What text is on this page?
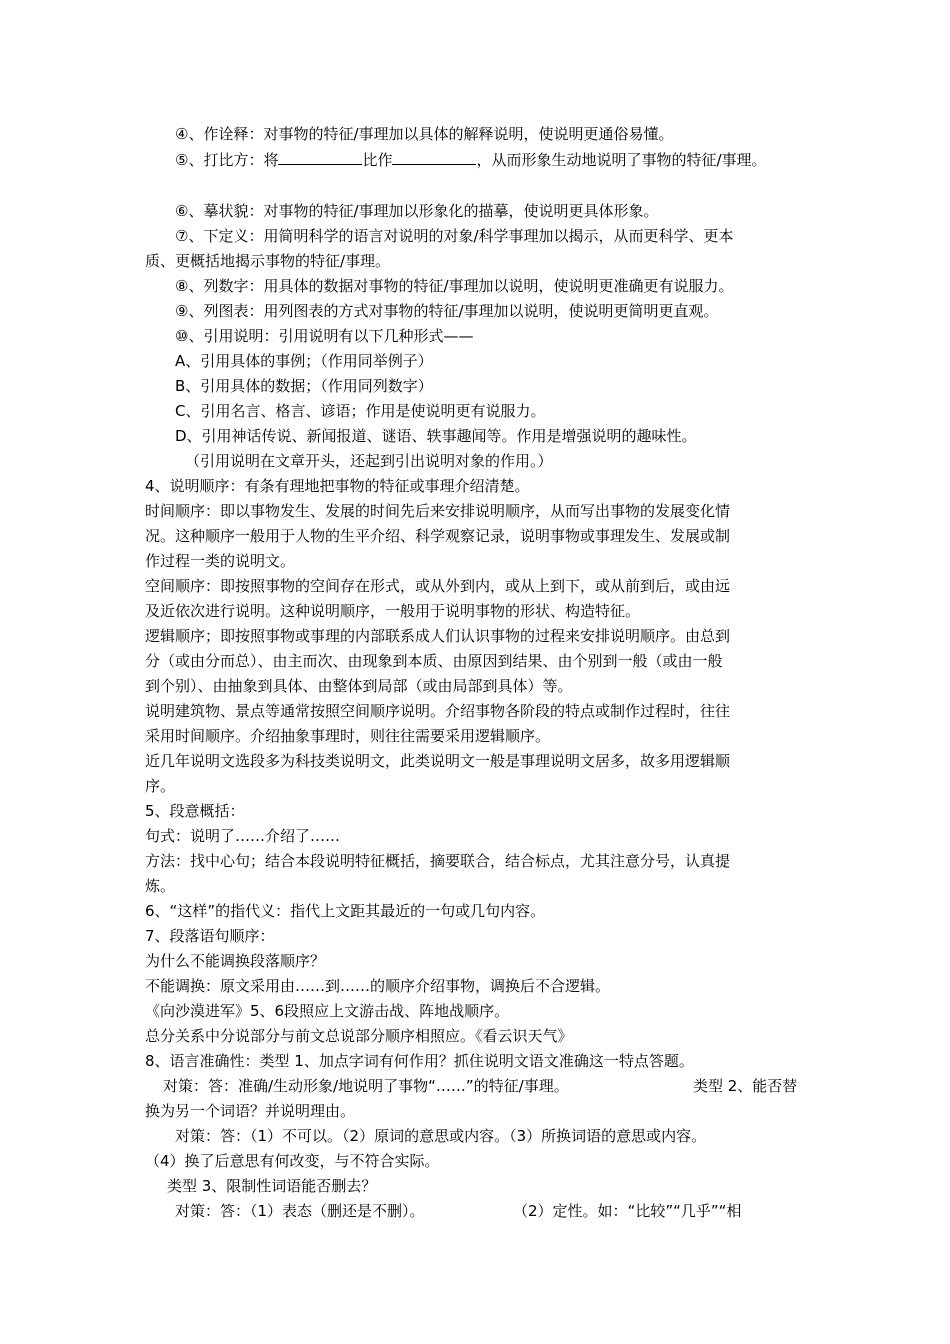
④、作诠释：对事物的特征/事理加以具体的解释说明，使说明更通俗易懂。
⑤、打比方：将	比作	，从而形象生动地说明了事物的特征/事理。
⑥、摹状貌：对事物的特征/事理加以形象化的描摹，使说明更具体形象。
⑦、下定义：用简明科学的语言对说明的对象/科学事理加以揭示，从而更科学、更本
质、更概括地揭示事物的特征/事理。
⑧、列数字：用具体的数据对事物的特征/事理加以说明，使说明更准确更有说服力。
⑨、列图表：用列图表的方式对事物的特征/事理加以说明，使说明更简明更直观。
⑩、引用说明：引用说明有以下几种形式——
A、引用具体的事例；（作用同举例子）
B、引用具体的数据；（作用同列数字）
C、引用名言、格言、谚语；作用是使说明更有说服力。
D、引用神话传说、新闻报道、谜语、轶事趣闻等。作用是增强说明的趣味性。
（引用说明在文章开头，还起到引出说明对象的作用。）
4、说明顺序：有条有理地把事物的特征或事理介绍清楚。
时间顺序：即以事物发生、发展的时间先后来安排说明顺序，从而写出事物的发展变化情
况。这种顺序一般用于人物的生平介绍、科学观察记录，说明事物或事理发生、发展或制
作过程一类的说明文。
空间顺序：即按照事物的空间存在形式，或从外到内，或从上到下，或从前到后，或由远
及近依次进行说明。这种说明顺序，一般用于说明事物的形状、构造特征。
逻辑顺序；即按照事物或事理的内部联系成人们认识事物的过程来安排说明顺序。由总到
分（或由分而总）、由主而次、由现象到本质、由原因到结果、由个别到一般（或由一般
到个别）、由抽象到具体、由整体到局部（或由局部到具体）等。
说明建筑物、景点等通常按照空间顺序说明。介绍事物各阶段的特点或制作过程时，往往
采用时间顺序。介绍抽象事理时，则往往需要采用逻辑顺序。
近几年说明文选段多为科技类说明文，此类说明文一般是事理说明文居多，故多用逻辑顺
序。
5、段意概括：
句式：说明了……介绍了……
方法：找中心句；结合本段说明特征概括，摘要联合，结合标点，尤其注意分号，认真提
炼。
6、“这样”的指代义：指代上文距其最近的一句或几句内容。
7、段落语句顺序：
为什么不能调换段落顺序？
不能调换：原文采用由……到……的顺序介绍事物，调换后不合逻辑。
《向沙漠进军》5、6段照应上文游击战、阵地战顺序。
总分关系中分说部分与前文总说部分顺序相照应。《看云识天气》
8、语言准确性：类型 1、加点字词有何作用？抓住说明文语文准确这一特点答题。
对策：答：准确/生动形象/地说明了事物“……”的特征/事理。	类型 2、能否替
换为另一个词语？并说明理由。
对策：答：（1）不可以。（2）原词的意思或内容。（3）所换词语的意思或内容。
（4）换了后意思有何改变，与不符合实际。
类型 3、限制性词语能否删去？
对策：答：（1）表态（删还是不删）。	（2）定性。如：“比较”“几乎”“相
